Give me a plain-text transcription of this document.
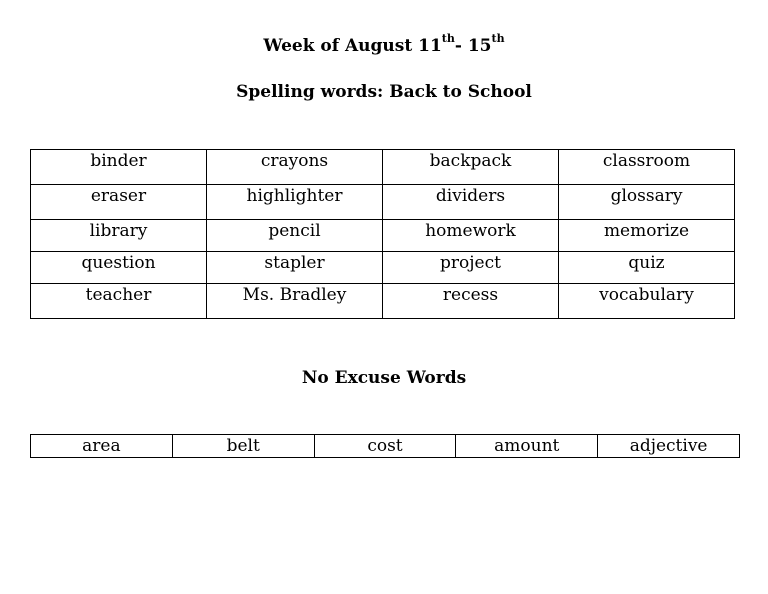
Week of August 11th- 15th
Spelling words: Back to School
binder	crayons	backpack	classroom
eraser	highlighter	dividers	glossary
library	pencil	homework	memorize
question	stapler	project	quiz
teacher	Ms. Bradley	recess	vocabulary
No Excuse Words
area	belt	cost	amount	adjective
